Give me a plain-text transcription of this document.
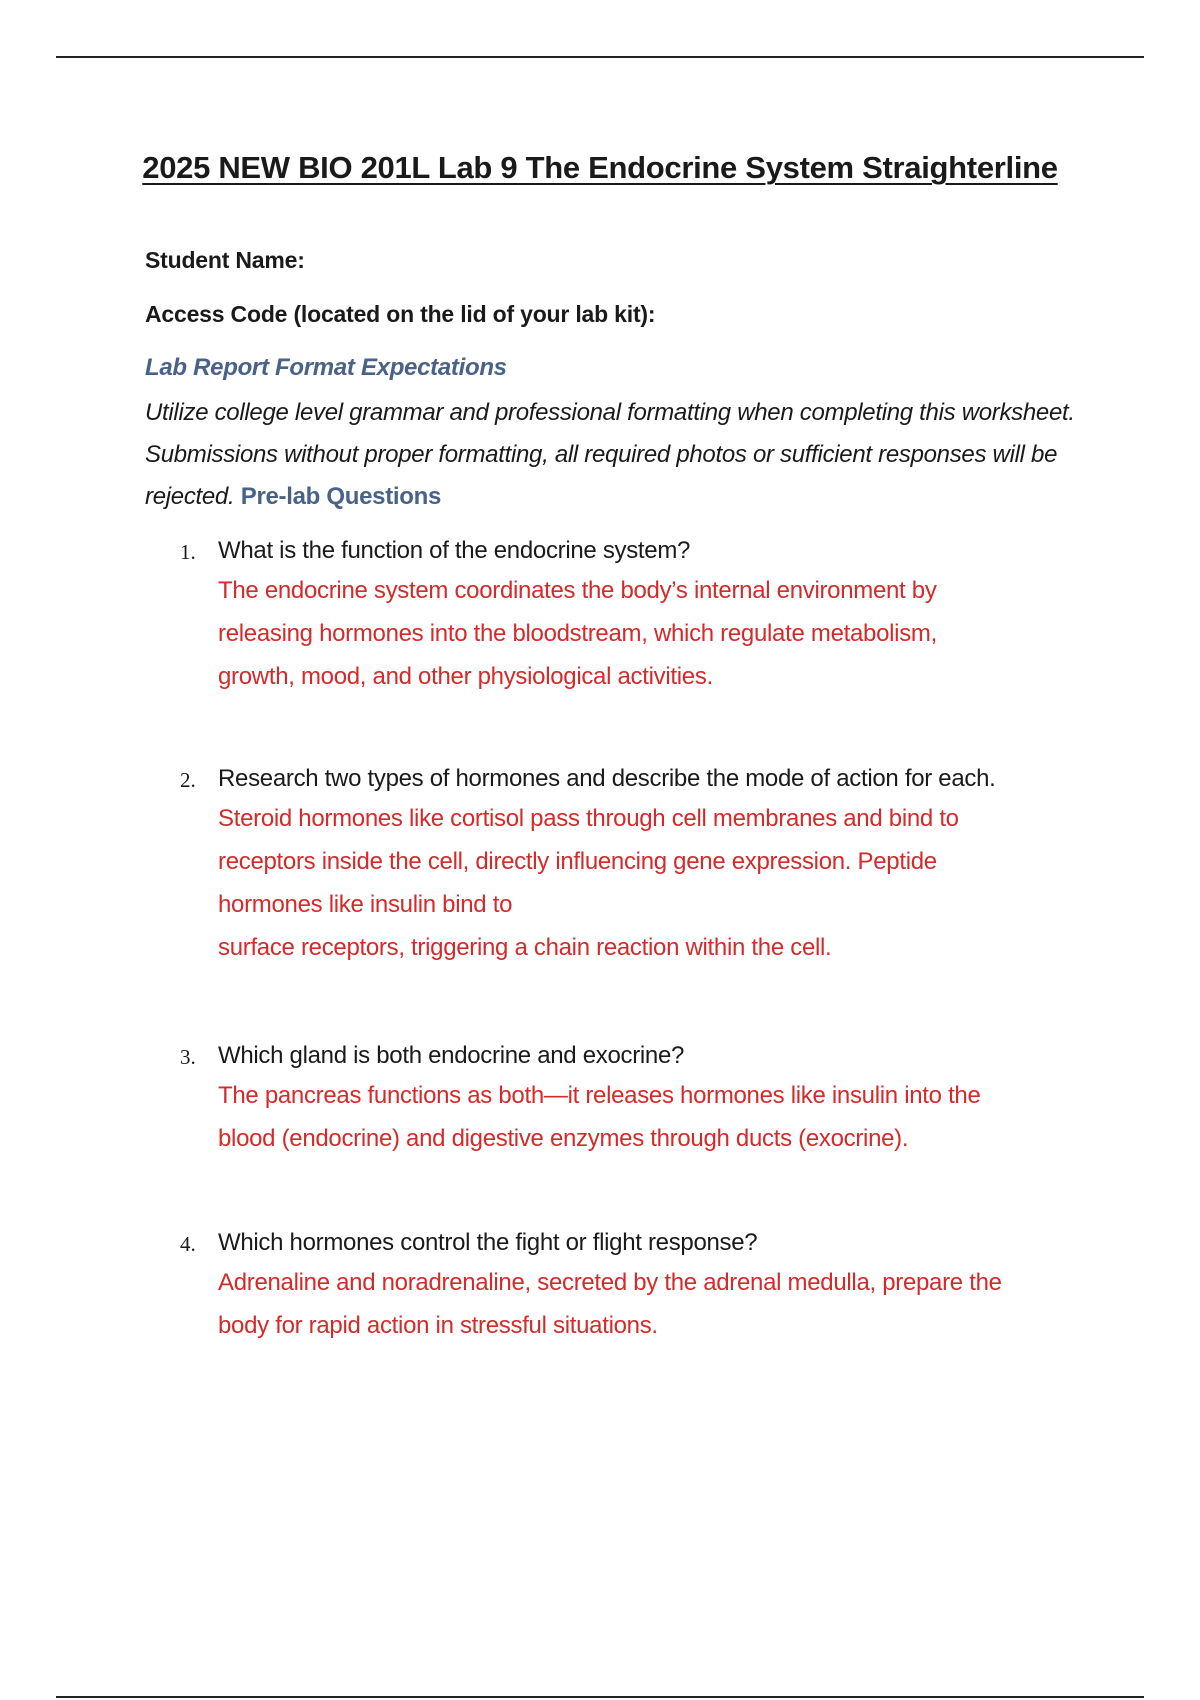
2025 NEW BIO 201L Lab 9 The Endocrine System Straighterline
Student Name:
Access Code (located on the lid of your lab kit):
Lab Report Format Expectations
Utilize college level grammar and professional formatting when completing this worksheet. Submissions without proper formatting, all required photos or sufficient responses will be rejected. Pre-lab Questions
1. What is the function of the endocrine system?
The endocrine system coordinates the body’s internal environment by
releasing hormones into the bloodstream, which regulate metabolism,
growth, mood, and other physiological activities.
2. Research two types of hormones and describe the mode of action for each.
Steroid hormones like cortisol pass through cell membranes and bind to
receptors inside the cell, directly influencing gene expression. Peptide
hormones like insulin bind to
surface receptors, triggering a chain reaction within the cell.
3. Which gland is both endocrine and exocrine?
The pancreas functions as both—it releases hormones like insulin into the
blood (endocrine) and digestive enzymes through ducts (exocrine).
4. Which hormones control the fight or flight response?
Adrenaline and noradrenaline, secreted by the adrenal medulla, prepare the
body for rapid action in stressful situations.
